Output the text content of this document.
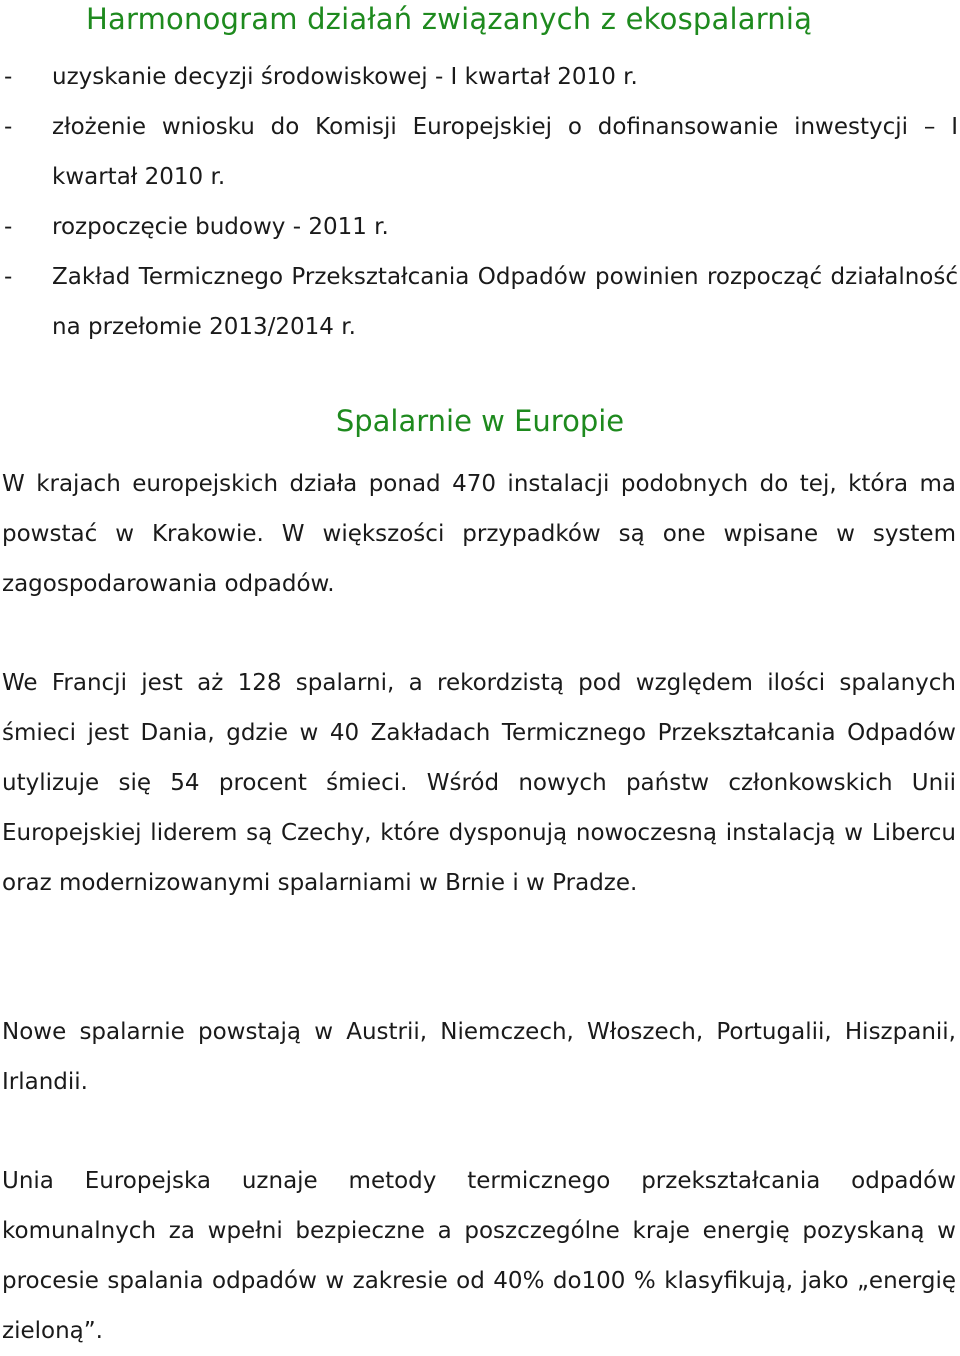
Harmonogram działań związanych z ekospalarnią
- uzyskanie decyzji środowiskowej - I kwartał 2010 r.
- złożenie wniosku do Komisji Europejskiej o dofinansowanie inwestycji – I kwartał 2010 r.
- rozpoczęcie budowy - 2011 r.
- Zakład Termicznego Przekształcania Odpadów powinien rozpocząć działalność na przełomie 2013/2014 r.
Spalarnie w Europie

W krajach europejskich działa ponad 470 instalacji podobnych do tej, która ma powstać w Krakowie. W większości przypadków są one wpisane w system zagospodarowania odpadów.

We Francji jest aż 128 spalarni, a rekordzistą pod względem ilości spalanych śmieci jest Dania, gdzie w 40 Zakładach Termicznego Przekształcania Odpadów utylizuje się 54 procent śmieci. Wśród nowych państw członkowskich Unii Europejskiej liderem są Czechy, które dysponują nowoczesną instalacją w Libercu oraz modernizowanymi spalarniami w Brnie i w Pradze.

Nowe spalarnie powstają w Austrii, Niemczech, Włoszech, Portugalii, Hiszpanii, Irlandii.

Unia Europejska uznaje metody termicznego przekształcania odpadów komunalnych za wpełni bezpieczne a poszczególne kraje energię pozyskaną w procesie spalania odpadów w zakresie od 40% do100 % klasyfikują, jako „energię zieloną”.
